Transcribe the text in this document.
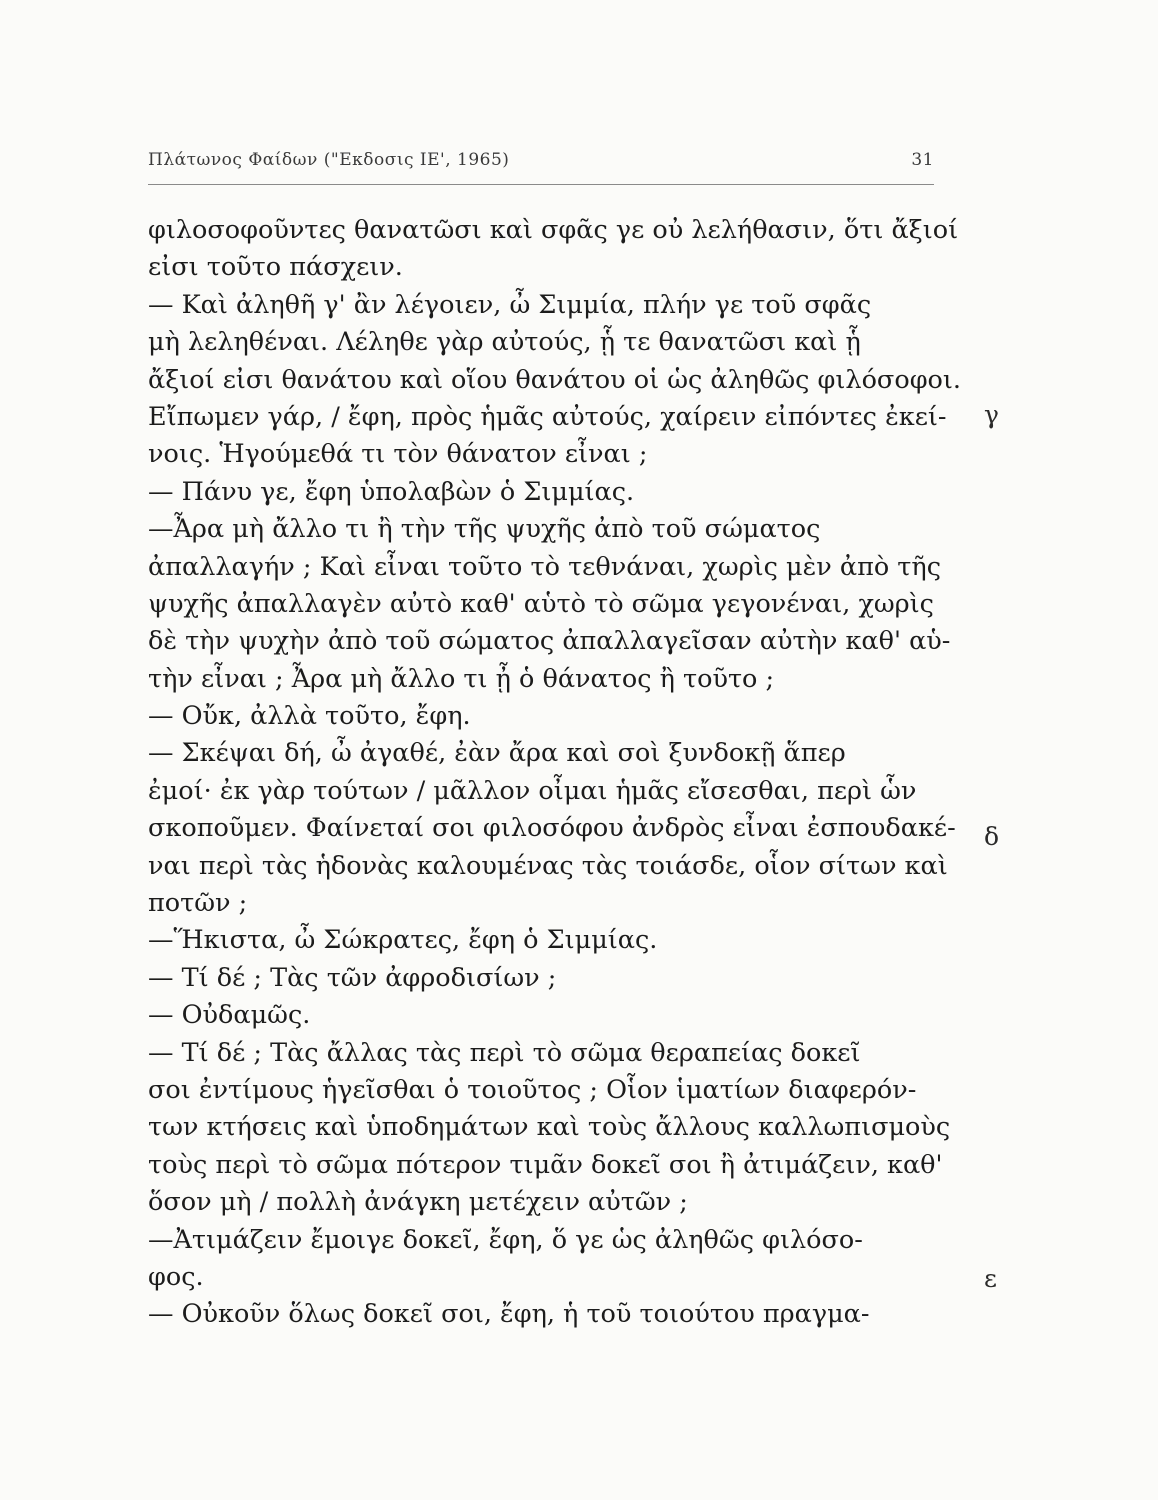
Πλάτωνος Φαίδων ("Εκδοσις ΙΕ', 1965)	31
φιλοσοφοῦντες θανατῶσι καὶ σφᾶς γε οὐ λελήθασιν, ὅτι ἄξιοί
εἰσι τοῦτο πάσχειν.
— Καὶ ἀληθῆ γ' ἂν λέγοιεν, ὦ Σιμμία, πλήν γε τοῦ σφᾶς
μὴ λεληθέναι. Λέληθε γὰρ αὐτούς, ᾗ τε θανατῶσι καὶ ᾗ
ἄξιοί εἰσι θανάτου καὶ οἵου θανάτου οἱ ὡς ἀληθῶς φιλόσοφοι.
Εἴπωμεν γάρ, / ἔφη, πρὸς ἡμᾶς αὐτούς, χαίρειν εἰπόντες ἐκεί-
νοις. Ἡγούμεθά τι τὸν θάνατον εἶναι ;
— Πάνυ γε, ἔφη ὑπολαβὼν ὁ Σιμμίας.
—Ἆρα μὴ ἄλλο τι ἢ τὴν τῆς ψυχῆς ἀπὸ τοῦ σώματος
ἀπαλλαγήν ; Καὶ εἶναι τοῦτο τὸ τεθνάναι, χωρὶς μὲν ἀπὸ τῆς
ψυχῆς ἀπαλλαγὲν αὐτὸ καθ' αὑτὸ τὸ σῶμα γεγονέναι, χωρὶς
δὲ τὴν ψυχὴν ἀπὸ τοῦ σώματος ἀπαλλαγεῖσαν αὐτὴν καθ' αὑ-
τὴν εἶναι ; Ἆρα μὴ ἄλλο τι ᾖ ὁ θάνατος ἢ τοῦτο ;
— Οὔκ, ἀλλὰ τοῦτο, ἔφη.
— Σκέψαι δή, ὦ ἀγαθέ, ἐὰν ἄρα καὶ σοὶ ξυνδοκῇ ἅπερ
ἐμοί· ἐκ γὰρ τούτων / μᾶλλον οἶμαι ἡμᾶς εἴσεσθαι, περὶ ὧν
σκοποῦμεν. Φαίνεταί σοι φιλοσόφου ἀνδρὸς εἶναι ἐσπουδακέ-
ναι περὶ τὰς ἡδονὰς καλουμένας τὰς τοιάσδε, οἷον σίτων καὶ
ποτῶν ;
—Ἥκιστα, ὦ Σώκρατες, ἔφη ὁ Σιμμίας.
— Τί δέ ; Τὰς τῶν ἀφροδισίων ;
— Οὐδαμῶς.
— Τί δέ ; Τὰς ἄλλας τὰς περὶ τὸ σῶμα θεραπείας δοκεῖ
σοι ἐντίμους ἡγεῖσθαι ὁ τοιοῦτος ; Οἷον ἱματίων διαφερόν-
των κτήσεις καὶ ὑποδημάτων καὶ τοὺς ἄλλους καλλωπισμοὺς
τοὺς περὶ τὸ σῶμα πότερον τιμᾶν δοκεῖ σοι ἢ ἀτιμάζειν, καθ'
ὅσον μὴ / πολλὴ ἀνάγκη μετέχειν αὐτῶν ;
—Ἀτιμάζειν ἔμοιγε δοκεῖ, ἔφη, ὅ γε ὡς ἀληθῶς φιλόσο-
φος.
— Οὐκοῦν ὅλως δοκεῖ σοι, ἔφη, ἡ τοῦ τοιούτου πραγμα-
γ
δ
ε
